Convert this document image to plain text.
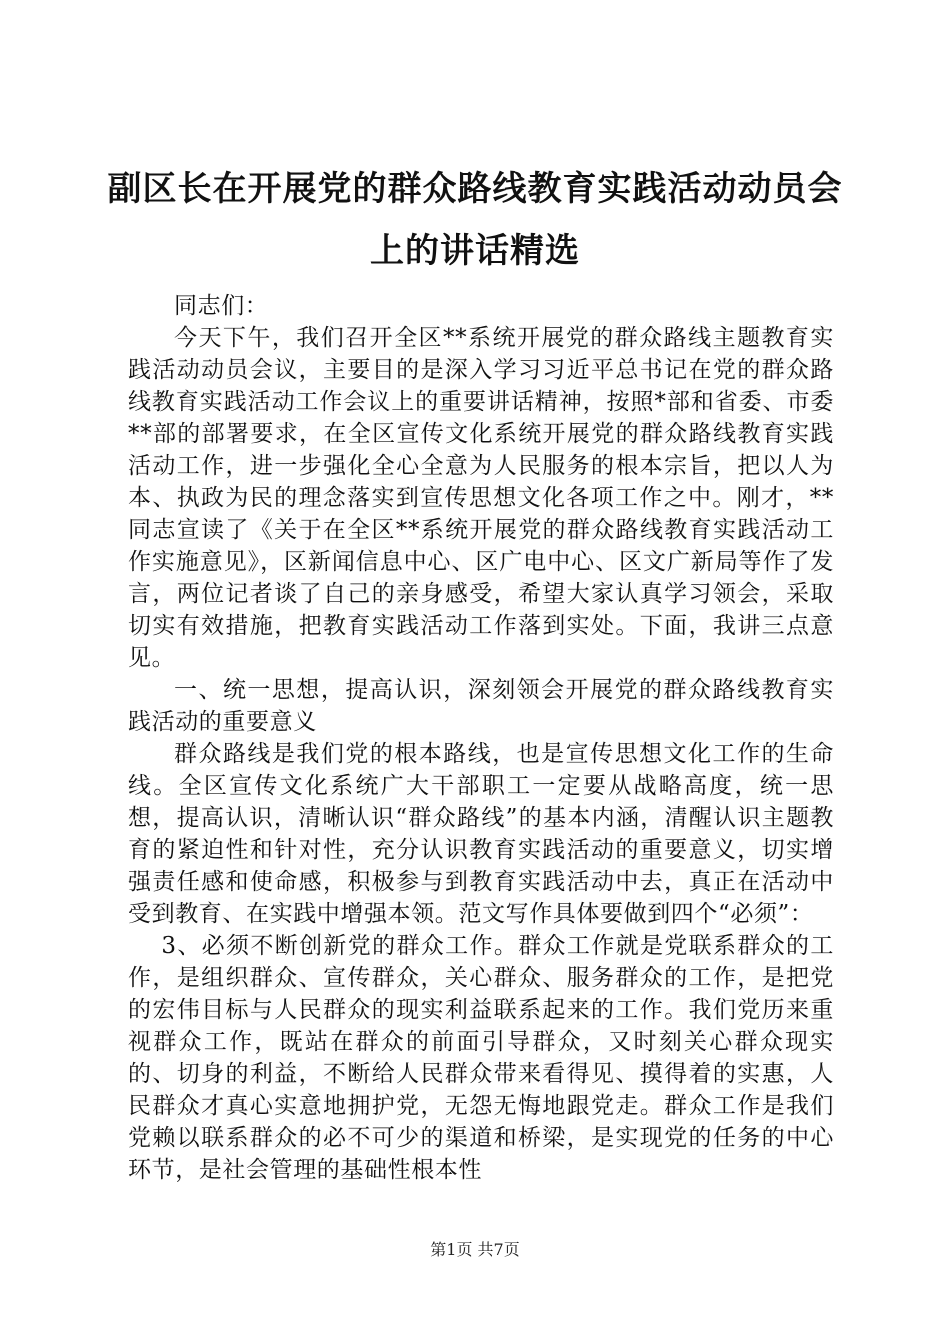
副区长在开展党的群众路线教育实践活动动员会上的讲话精选

同志们：

今天下午，我们召开全区**系统开展党的群众路线主题教育实践活动动员会议，主要目的是深入学习习近平总书记在党的群众路线教育实践活动工作会议上的重要讲话精神，按照*部和省委、市委**部的部署要求，在全区宣传文化系统开展党的群众路线教育实践活动工作，进一步强化全心全意为人民服务的根本宗旨，把以人为本、执政为民的理念落实到宣传思想文化各项工作之中。刚才，**同志宣读了《关于在全区**系统开展党的群众路线教育实践活动工作实施意见》，区新闻信息中心、区广电中心、区文广新局等作了发言，两位记者谈了自己的亲身感受，希望大家认真学习领会，采取切实有效措施，把教育实践活动工作落到实处。下面，我讲三点意见。

一、统一思想，提高认识，深刻领会开展党的群众路线教育实践活动的重要意义

群众路线是我们党的根本路线，也是宣传思想文化工作的生命线。全区宣传文化系统广大干部职工一定要从战略高度，统一思想，提高认识，清晰认识“群众路线”的基本内涵，清醒认识主题教育的紧迫性和针对性，充分认识教育实践活动的重要意义，切实增强责任感和使命感，积极参与到教育实践活动中去，真正在活动中受到教育、在实践中增强本领。范文写作具体要做到四个“必须”：

3、必须不断创新党的群众工作。群众工作就是党联系群众的工作，是组织群众、宣传群众，关心群众、服务群众的工作，是把党的宏伟目标与人民群众的现实利益联系起来的工作。我们党历来重视群众工作，既站在群众的前面引导群众，又时刻关心群众现实的、切身的利益，不断给人民群众带来看得见、摸得着的实惠，人民群众才真心实意地拥护党，无怨无悔地跟党走。群众工作是我们党赖以联系群众的必不可少的渠道和桥梁，是实现党的任务的中心环节，是社会管理的基础性根本性

第1页 共7页
